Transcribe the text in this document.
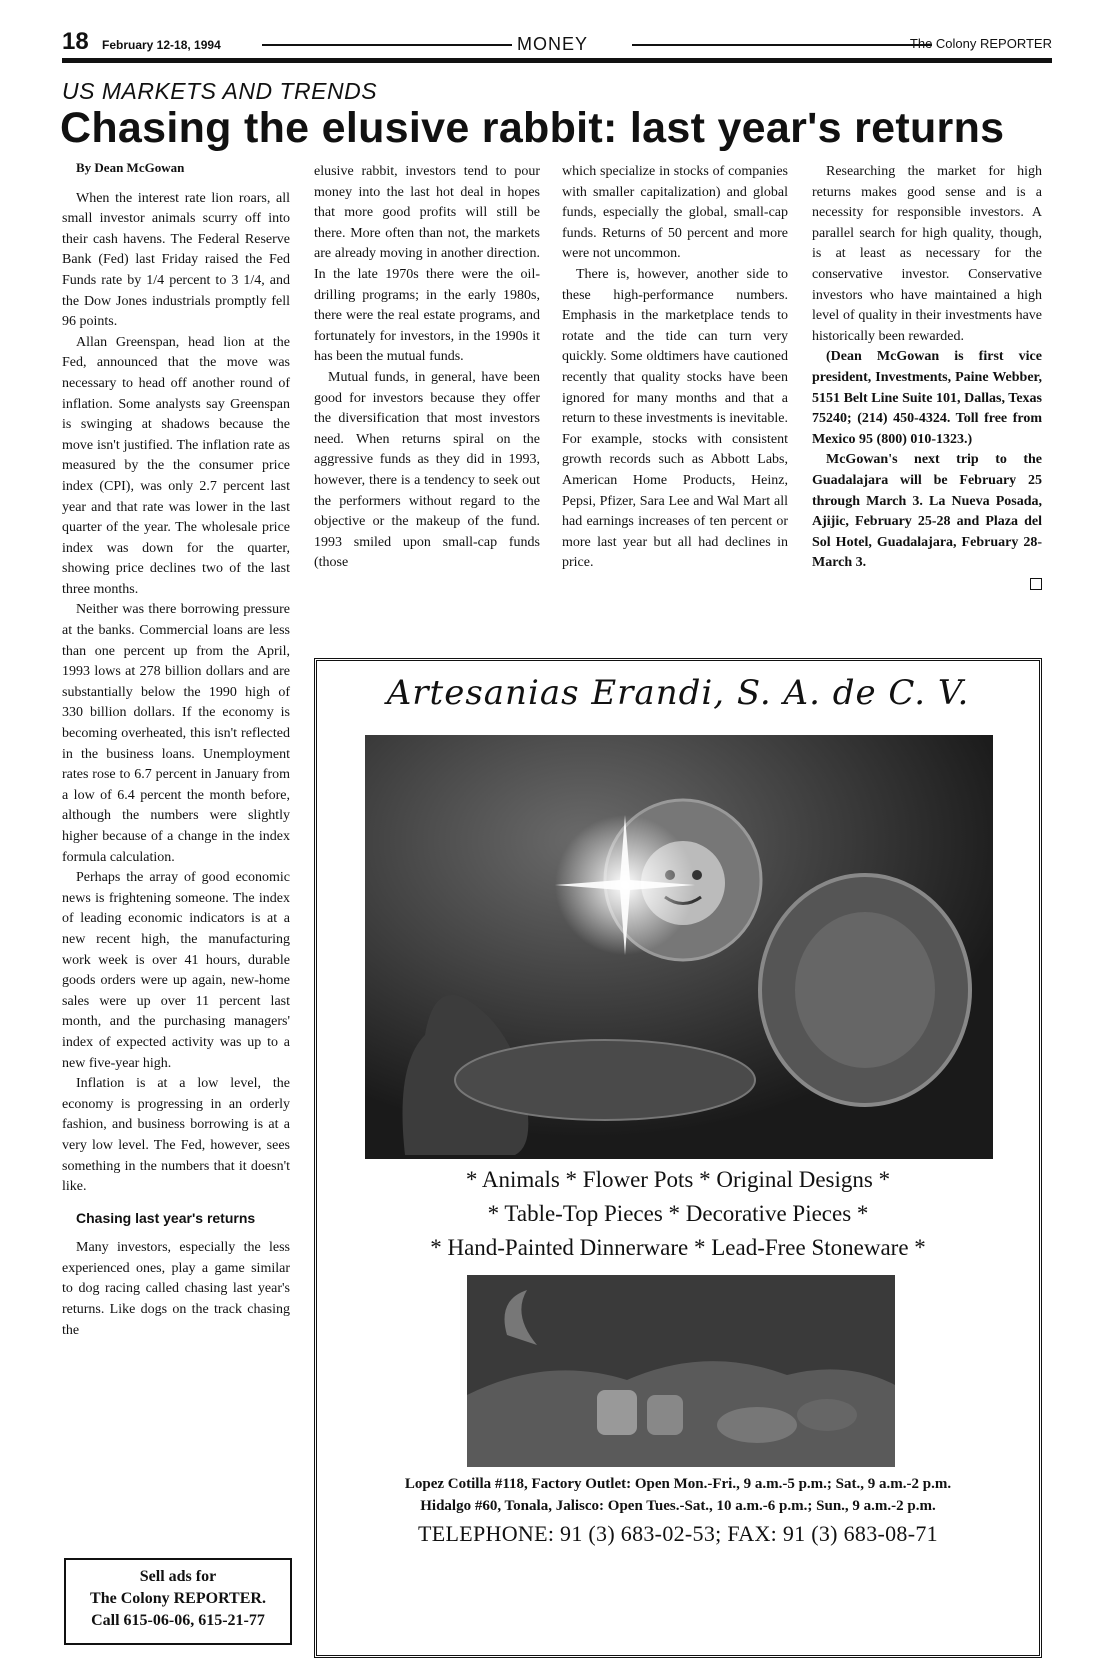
18 February 12-18, 1994	MONEY	The Colony REPORTER
US MARKETS AND TRENDS
Chasing the elusive rabbit: last year's returns

By Dean McGowan

When the interest rate lion roars, all small investor animals scurry off into their cash havens. The Federal Reserve Bank (Fed) last Friday raised the Fed Funds rate by 1/4 percent to 3 1/4, and the Dow Jones industrials promptly fell 96 points.

Allan Greenspan, head lion at the Fed, announced that the move was necessary to head off another round of inflation. Some analysts say Greenspan is swinging at shadows because the move isn't justified. The inflation rate as measured by the the consumer price index (CPI), was only 2.7 percent last year and that rate was lower in the last quarter of the year. The wholesale price index was down for the quarter, showing price declines two of the last three months.

Neither was there borrowing pressure at the banks. Commercial loans are less than one percent up from the April, 1993 lows at 278 billion dollars and are substantially below the 1990 high of 330 billion dollars. If the economy is becoming overheated, this isn't reflected in the business loans. Unemployment rates rose to 6.7 percent in January from a low of 6.4 percent the month before, although the numbers were slightly higher because of a change in the index formula calculation.

Perhaps the array of good economic news is frightening someone. The index of leading economic indicators is at a new recent high, the manufacturing work week is over 41 hours, durable goods orders were up again, new-home sales were up over 11 percent last month, and the purchasing managers' index of expected activity was up to a new five-year high.

Inflation is at a low level, the economy is progressing in an orderly fashion, and business borrowing is at a very low level. The Fed, however, sees something in the numbers that it doesn't like.

Chasing last year's returns

Many investors, especially the less experienced ones, play a game similar to dog racing called chasing last year's returns. Like dogs on the track chasing the

Sell ads for
The Colony REPORTER.
Call 615-06-06, 615-21-77

elusive rabbit, investors tend to pour money into the last hot deal in hopes that more good profits will still be there. More often than not, the markets are already moving in another direction. In the late 1970s there were the oil-drilling programs; in the early 1980s, there were the real estate programs, and fortunately for investors, in the 1990s it has been the mutual funds.

Mutual funds, in general, have been good for investors because they offer the diversification that most investors need. When returns spiral on the aggressive funds as they did in 1993, however, there is a tendency to seek out the performers without regard to the objective or the makeup of the fund. 1993 smiled upon small-cap funds (those

which specialize in stocks of companies with smaller capitalization) and global funds, especially the global, small-cap funds. Returns of 50 percent and more were not uncommon.

There is, however, another side to these high-performance numbers. Emphasis in the marketplace tends to rotate and the tide can turn very quickly. Some oldtimers have cautioned recently that quality stocks have been ignored for many months and that a return to these investments is inevitable. For example, stocks with consistent growth records such as Abbott Labs, American Home Products, Heinz, Pepsi, Pfizer, Sara Lee and Wal Mart all had earnings increases of ten percent or more last year but all had declines in price.

Researching the market for high returns makes good sense and is a necessity for responsible investors. A parallel search for high quality, though, is at least as necessary for the conservative investor. Conservative investors who have maintained a high level of quality in their investments have historically been rewarded.

(Dean McGowan is first vice president, Investments, Paine Webber, 5151 Belt Line Suite 101, Dallas, Texas 75240; (214) 450-4324. Toll free from Mexico 95 (800) 010-1323.)

McGowan's next trip to the Guadalajara will be February 25 through March 3. La Nueva Posada, Ajijic, February 25-28 and Plaza del Sol Hotel, Guadalajara, February 28-March 3.

Artesanias Erandi, S. A. de C. V.
* Animals * Flower Pots * Original Designs *
* Table-Top Pieces * Decorative Pieces *
* Hand-Painted Dinnerware * Lead-Free Stoneware *
Lopez Cotilla #118, Factory Outlet: Open Mon.-Fri., 9 a.m.-5 p.m.; Sat., 9 a.m.-2 p.m.
Hidalgo #60, Tonala, Jalisco: Open Tues.-Sat., 10 a.m.-6 p.m.; Sun., 9 a.m.-2 p.m.
TELEPHONE: 91 (3) 683-02-53; FAX: 91 (3) 683-08-71
